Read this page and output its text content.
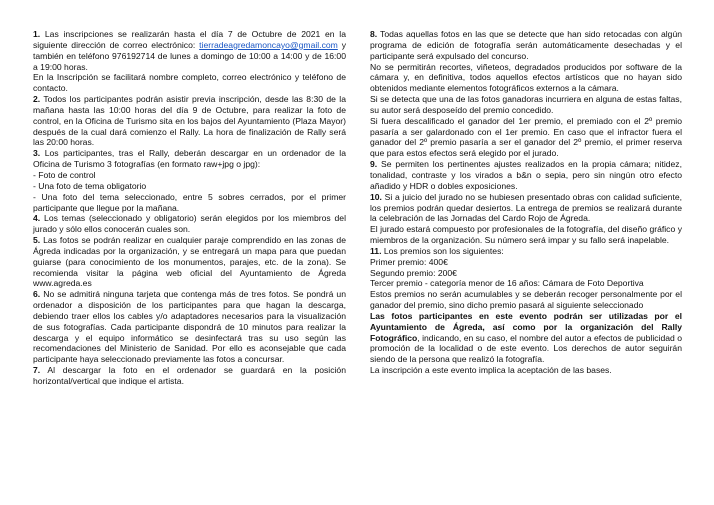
1. Las inscripciones se realizarán hasta el día 7 de Octubre de 2021 en la siguiente dirección de correo electrónico: tierradeagredamoncayo@gmail.com y también en teléfono 976192714 de lunes a domingo de 10:00 a 14:00 y de 16:00 a 19:00 horas.

En la Inscripción se facilitará nombre completo, correo electrónico y teléfono de contacto.

2. Todos los participantes podrán asistir previa inscripción, desde las 8:30 de la mañana hasta las 10:00 horas del día 9 de Octubre, para realizar la foto de control, en la Oficina de Turismo sita en los bajos del Ayuntamiento (Plaza Mayor) después de la cual dará comienzo el Rally. La hora de finalización de Rally será las 20:00 horas.

3. Los participantes, tras el Rally, deberán descargar en un ordenador de la Oficina de Turismo 3 fotografías (en formato raw+jpg o jpg):

- Foto de control
- Una foto de tema obligatorio
- Una foto del tema seleccionado, entre 5 sobres cerrados, por el primer participante que llegue por la mañana.

4. Los temas (seleccionado y obligatorio) serán elegidos por los miembros del jurado y sólo ellos conocerán cuales son.

5. Las fotos se podrán realizar en cualquier paraje comprendido en las zonas de Ágreda indicadas por la organización, y se entregará un mapa para que puedan guiarse (para conocimiento de los monumentos, parajes, etc. de la zona). Se recomienda visitar la página web oficial del Ayuntamiento de Ágreda www.agreda.es

6. No se admitirá ninguna tarjeta que contenga más de tres fotos. Se pondrá un ordenador a disposición de los participantes para que hagan la descarga, debiendo traer ellos los cables y/o adaptadores necesarios para la visualización de sus fotografías. Cada participante dispondrá de 10 minutos para realizar la descarga y el equipo informático se desinfectará tras su uso según las recomendaciones del Ministerio de Sanidad. Por ello es aconsejable que cada participante haya seleccionado previamente las fotos a concursar.

7. Al descargar la foto en el ordenador se guardará en la posición horizontal/vertical que indique el artista.

8. Todas aquellas fotos en las que se detecte que han sido retocadas con algún programa de edición de fotografía serán automáticamente desechadas y el participante será expulsado del concurso.

No se permitirán recortes, viñeteos, degradados producidos por software de la cámara y, en definitiva, todos aquellos efectos artísticos que no hayan sido obtenidos mediante elementos fotográficos externos a la cámara.

Si se detecta que una de las fotos ganadoras incurriera en alguna de estas faltas, su autor será desposeído del premio concedido.

Si fuera descalificado el ganador del 1er premio, el premiado con el 2º premio pasaría a ser galardonado con el 1er premio. En caso que el infractor fuera el ganador del 2º premio pasaría a ser el ganador del 2º premio, el primer reserva que para estos efectos será elegido por el jurado.

9. Se permiten los pertinentes ajustes realizados en la propia cámara; nitidez, tonalidad, contraste y los virados a b&n o sepia, pero sin ningún otro efecto añadido y HDR o dobles exposiciones.

10. Si a juicio del jurado no se hubiesen presentado obras con calidad suficiente, los premios podrán quedar desiertos. La entrega de premios se realizará durante la celebración de las Jornadas del Cardo Rojo de Ágreda.

El jurado estará compuesto por profesionales de la fotografía, del diseño gráfico y miembros de la organización. Su número será impar y su fallo será inapelable.

11. Los premios son los siguientes:

Primer premio: 400€

Segundo premio: 200€

Tercer premio - categoría menor de 16 años: Cámara de Foto Deportiva

Estos premios no serán acumulables y se deberán recoger personalmente por el ganador del premio, sino dicho premio pasará al siguiente seleccionado

Las fotos participantes en este evento podrán ser utilizadas por el Ayuntamiento de Ágreda, así como por la organización del Rally Fotográfico, indicando, en su caso, el nombre del autor a efectos de publicidad o promoción de la localidad o de este evento. Los derechos de autor seguirán siendo de la persona que realizó la fotografía.

La inscripción a este evento implica la aceptación de las bases.
